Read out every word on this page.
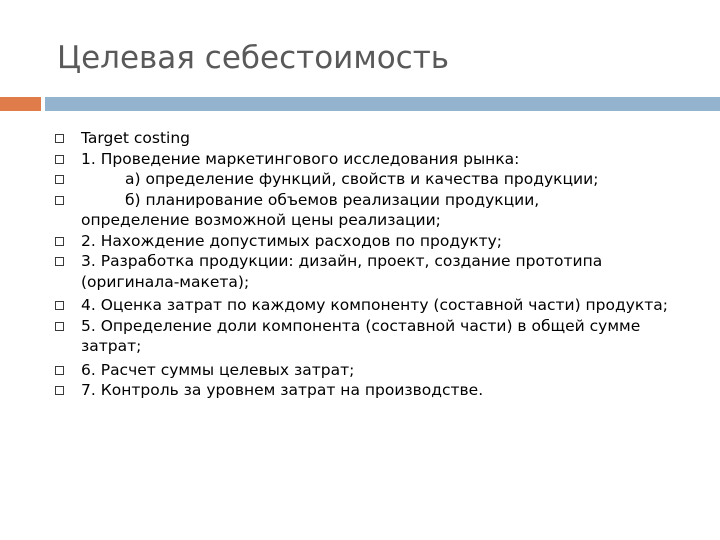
Целевая себестоимость
Target costing
1. Проведение маркетингового исследования рынка:
а) определение функций, свойств и качества продукции;
б) планирование объемов реализации продукции,
определение возможной цены реализации;
2. Нахождение допустимых расходов по продукту;
3. Разработка продукции: дизайн, проект, создание прототипа (оригинала-макета);
4. Оценка затрат по каждому компоненту (составной части) продукта;
5. Определение доли компонента (составной части) в общей сумме затрат;
6. Расчет суммы целевых затрат;
7. Контроль за уровнем затрат на производстве.
